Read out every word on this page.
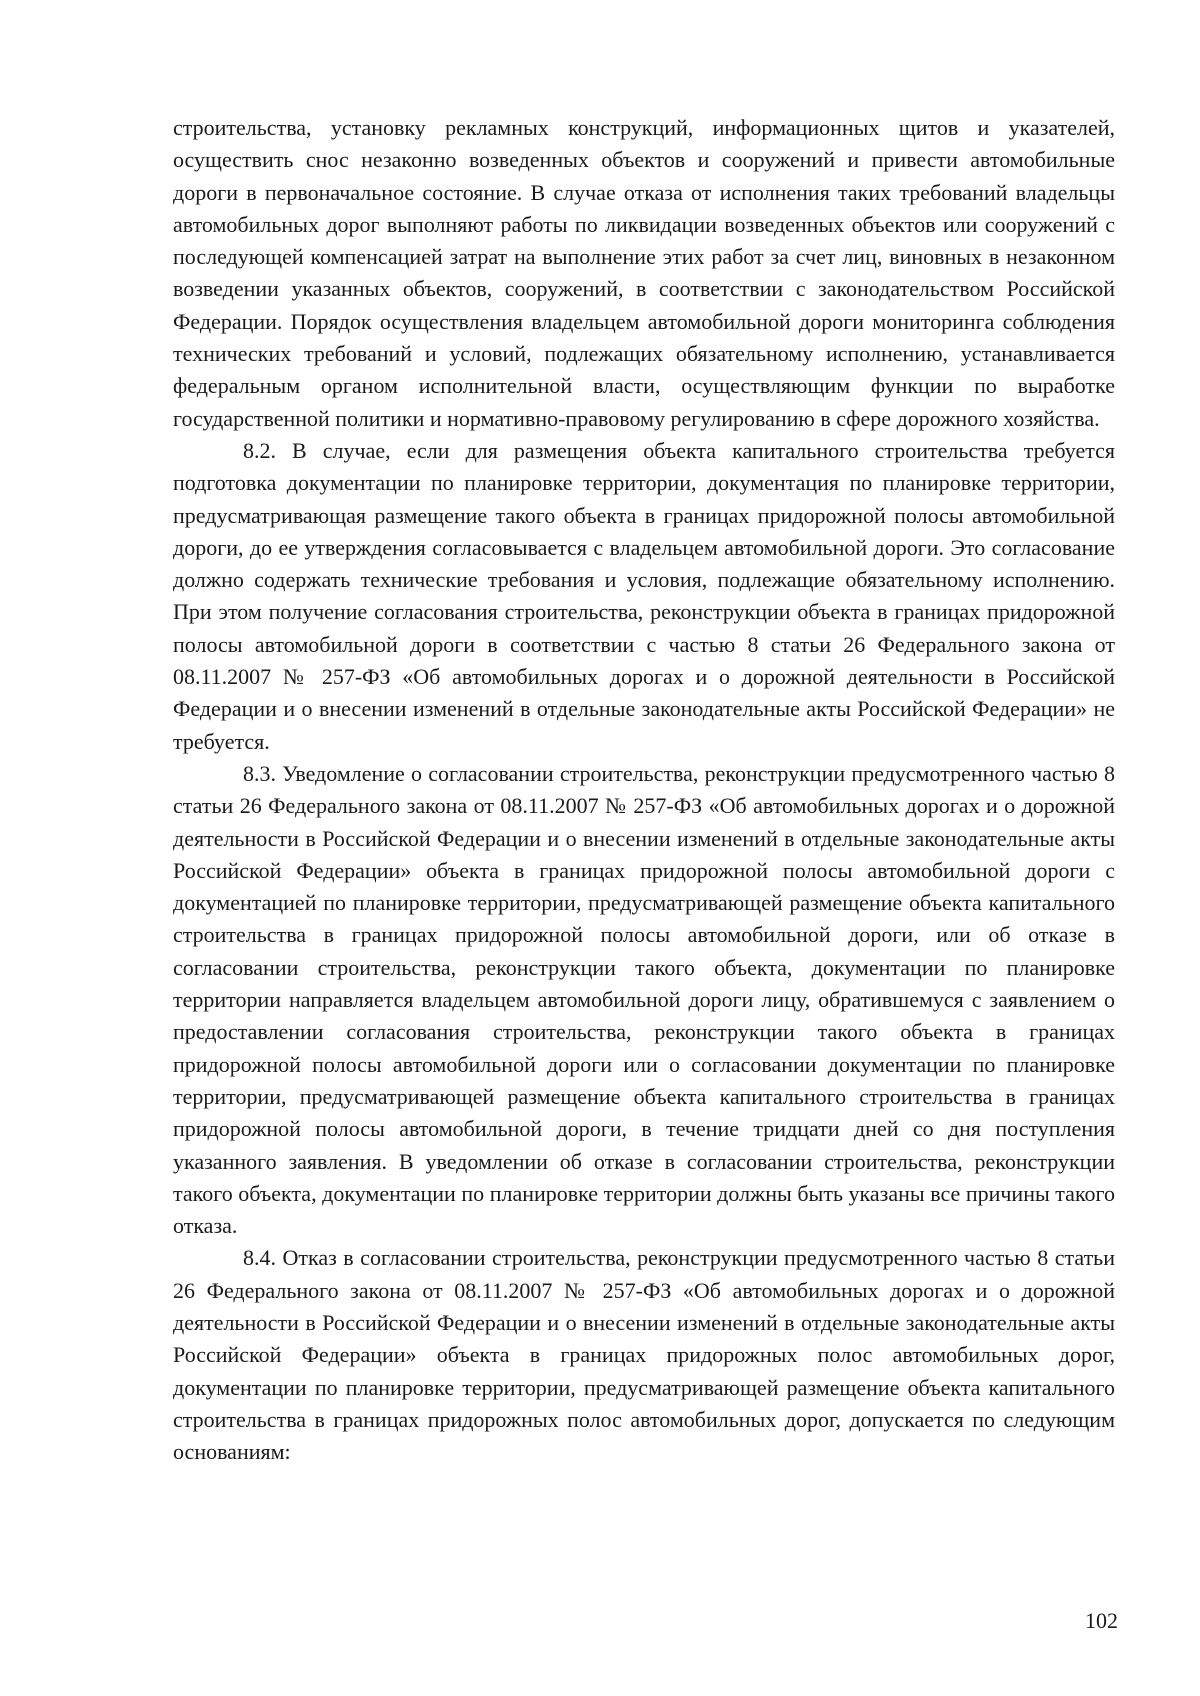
строительства, установку рекламных конструкций, информационных щитов и указателей, осуществить снос незаконно возведенных объектов и сооружений и привести автомобильные дороги в первоначальное состояние. В случае отказа от исполнения таких требований владельцы автомобильных дорог выполняют работы по ликвидации возведенных объектов или сооружений с последующей компенсацией затрат на выполнение этих работ за счет лиц, виновных в незаконном возведении указанных объектов, сооружений, в соответствии с законодательством Российской Федерации. Порядок осуществления владельцем автомобильной дороги мониторинга соблюдения технических требований и условий, подлежащих обязательному исполнению, устанавливается федеральным органом исполнительной власти, осуществляющим функции по выработке государственной политики и нормативно-правовому регулированию в сфере дорожного хозяйства.

8.2. В случае, если для размещения объекта капитального строительства требуется подготовка документации по планировке территории, документация по планировке территории, предусматривающая размещение такого объекта в границах придорожной полосы автомобильной дороги, до ее утверждения согласовывается с владельцем автомобильной дороги. Это согласование должно содержать технические требования и условия, подлежащие обязательному исполнению. При этом получение согласования строительства, реконструкции объекта в границах придорожной полосы автомобильной дороги в соответствии с частью 8 статьи 26 Федерального закона от 08.11.2007 № 257-ФЗ «Об автомобильных дорогах и о дорожной деятельности в Российской Федерации и о внесении изменений в отдельные законодательные акты Российской Федерации» не требуется.

8.3. Уведомление о согласовании строительства, реконструкции предусмотренного частью 8 статьи 26 Федерального закона от 08.11.2007 № 257-ФЗ «Об автомобильных дорогах и о дорожной деятельности в Российской Федерации и о внесении изменений в отдельные законодательные акты Российской Федерации» объекта в границах придорожной полосы автомобильной дороги с документацией по планировке территории, предусматривающей размещение объекта капитального строительства в границах придорожной полосы автомобильной дороги, или об отказе в согласовании строительства, реконструкции такого объекта, документации по планировке территории направляется владельцем автомобильной дороги лицу, обратившемуся с заявлением о предоставлении согласования строительства, реконструкции такого объекта в границах придорожной полосы автомобильной дороги или о согласовании документации по планировке территории, предусматривающей размещение объекта капитального строительства в границах придорожной полосы автомобильной дороги, в течение тридцати дней со дня поступления указанного заявления. В уведомлении об отказе в согласовании строительства, реконструкции такого объекта, документации по планировке территории должны быть указаны все причины такого отказа.

8.4. Отказ в согласовании строительства, реконструкции предусмотренного частью 8 статьи 26 Федерального закона от 08.11.2007 № 257-ФЗ «Об автомобильных дорогах и о дорожной деятельности в Российской Федерации и о внесении изменений в отдельные законодательные акты Российской Федерации» объекта в границах придорожных полос автомобильных дорог, документации по планировке территории, предусматривающей размещение объекта капитального строительства в границах придорожных полос автомобильных дорог, допускается по следующим основаниям:

102
